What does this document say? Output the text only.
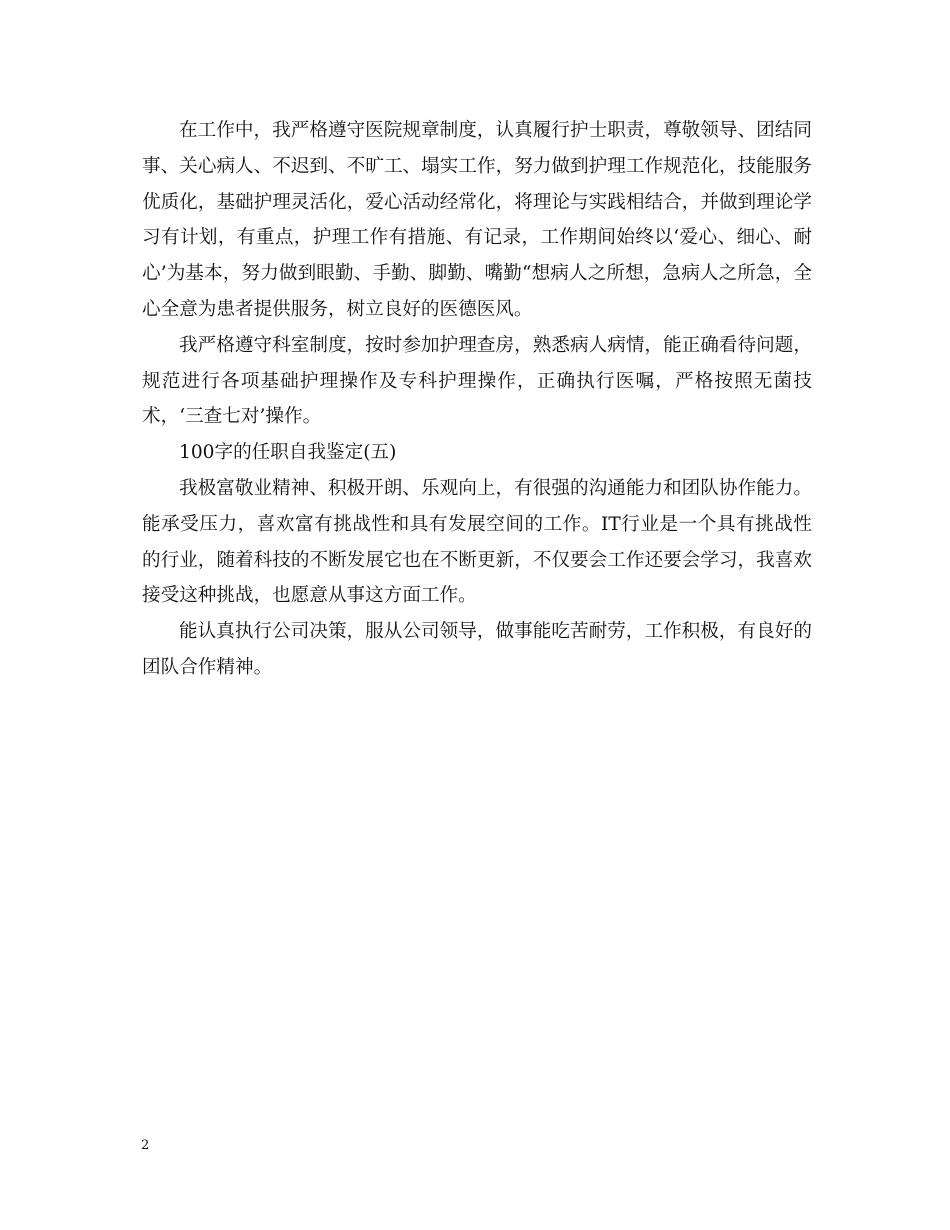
在工作中，我严格遵守医院规章制度，认真履行护士职责，尊敬领导、团结同事、关心病人、不迟到、不旷工、塌实工作，努力做到护理工作规范化，技能服务优质化，基础护理灵活化，爱心活动经常化，将理论与实践相结合，并做到理论学习有计划，有重点，护理工作有措施、有记录，工作期间始终以‘爱心、细心、耐心’为基本，努力做到眼勤、手勤、脚勤、嘴勤“想病人之所想，急病人之所急，全心全意为患者提供服务，树立良好的医德医风。

我严格遵守科室制度，按时参加护理查房，熟悉病人病情，能正确看待问题，规范进行各项基础护理操作及专科护理操作，正确执行医嘱，严格按照无菌技术，‘三查七对’操作。

100字的任职自我鉴定(五)

我极富敬业精神、积极开朗、乐观向上，有很强的沟通能力和团队协作能力。能承受压力，喜欢富有挑战性和具有发展空间的工作。IT行业是一个具有挑战性的行业，随着科技的不断发展它也在不断更新，不仅要会工作还要会学习，我喜欢接受这种挑战，也愿意从事这方面工作。

能认真执行公司决策，服从公司领导，做事能吃苦耐劳，工作积极，有良好的团队合作精神。

2
